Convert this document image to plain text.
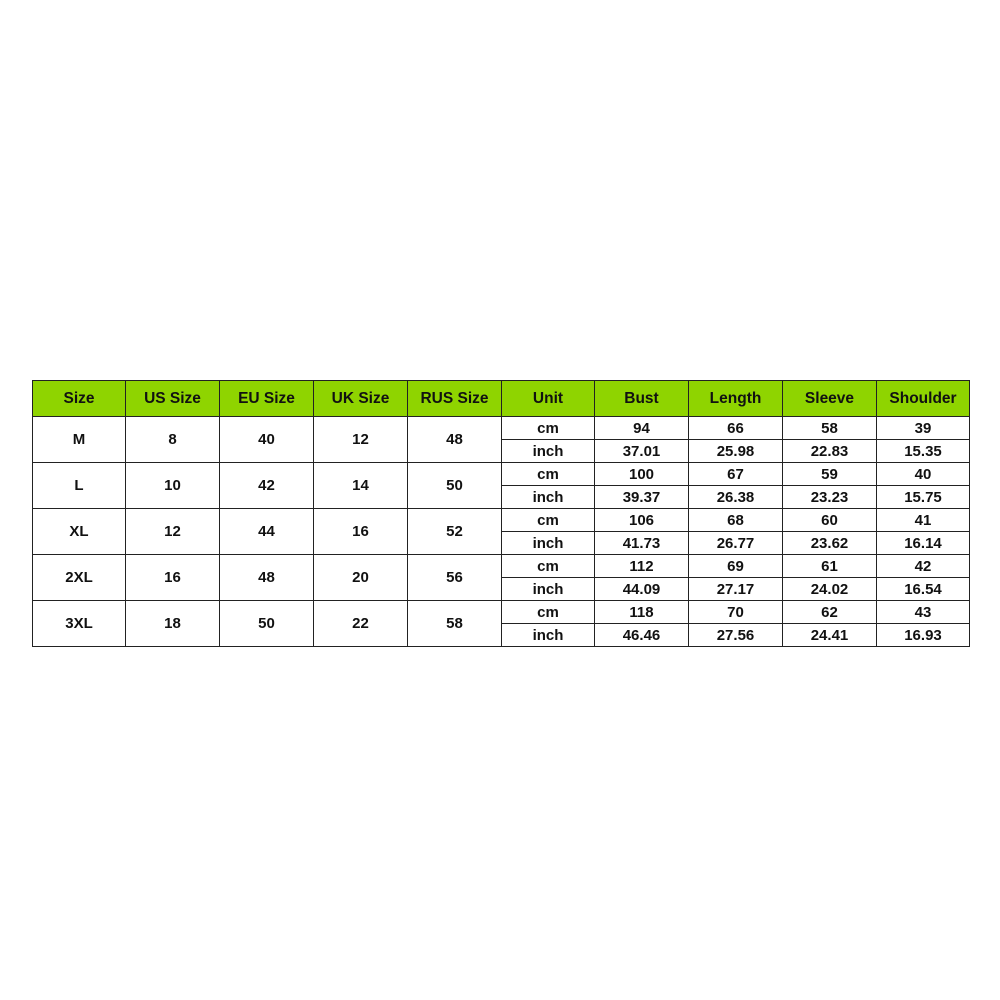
Size	US Size	EU Size	UK Size	RUS Size	Unit	Bust	Length	Sleeve	Shoulder
M	8	40	12	48	cm	94	66	58	39
					inch	37.01	25.98	22.83	15.35
L	10	42	14	50	cm	100	67	59	40
					inch	39.37	26.38	23.23	15.75
XL	12	44	16	52	cm	106	68	60	41
					inch	41.73	26.77	23.62	16.14
2XL	16	48	20	56	cm	112	69	61	42
					inch	44.09	27.17	24.02	16.54
3XL	18	50	22	58	cm	118	70	62	43
					inch	46.46	27.56	24.41	16.93
